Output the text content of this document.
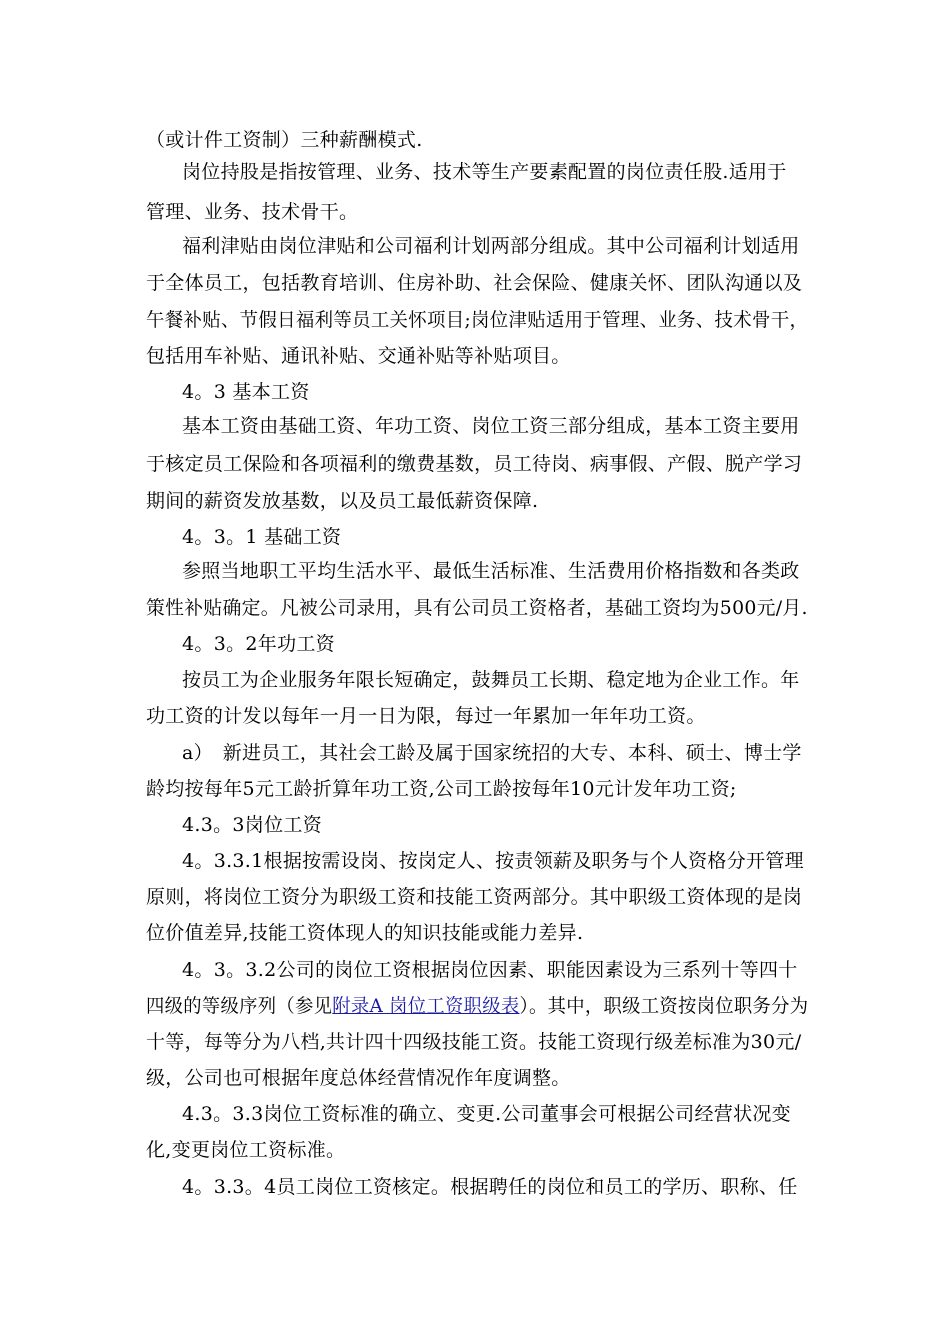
（或计件工资制）三种薪酬模式.
岗位持股是指按管理、业务、技术等生产要素配置的岗位责任股.适用于
管理、业务、技术骨干。
福利津贴由岗位津贴和公司福利计划两部分组成。其中公司福利计划适用
于全体员工，包括教育培训、住房补助、社会保险、健康关怀、团队沟通以及
午餐补贴、节假日福利等员工关怀项目;岗位津贴适用于管理、业务、技术骨干，
包括用车补贴、通讯补贴、交通补贴等补贴项目。
4。3 基本工资
基本工资由基础工资、年功工资、岗位工资三部分组成，基本工资主要用
于核定员工保险和各项福利的缴费基数，员工待岗、病事假、产假、脱产学习
期间的薪资发放基数，以及员工最低薪资保障.
4。3。1 基础工资
参照当地职工平均生活水平、最低生活标准、生活费用价格指数和各类政
策性补贴确定。凡被公司录用，具有公司员工资格者，基础工资均为500元/月.
4。3。2年功工资
按员工为企业服务年限长短确定，鼓舞员工长期、稳定地为企业工作。年
功工资的计发以每年一月一日为限，每过一年累加一年年功工资。
a）　新进员工，其社会工龄及属于国家统招的大专、本科、硕士、博士学
龄均按每年5元工龄折算年功工资,公司工龄按每年10元计发年功工资;
4.3。3岗位工资
4。3.3.1根据按需设岗、按岗定人、按责领薪及职务与个人资格分开管理
原则，将岗位工资分为职级工资和技能工资两部分。其中职级工资体现的是岗
位价值差异,技能工资体现人的知识技能或能力差异.
4。3。3.2公司的岗位工资根据岗位因素、职能因素设为三系列十等四十
四级的等级序列（参见附录A 岗位工资职级表）。其中，职级工资按岗位职务分为
十等，每等分为八档,共计四十四级技能工资。技能工资现行级差标准为30元/
级，公司也可根据年度总体经营情况作年度调整。
4.3。3.3岗位工资标准的确立、变更.公司董事会可根据公司经营状况变
化,变更岗位工资标准。
4。3.3。4员工岗位工资核定。根据聘任的岗位和员工的学历、职称、任
